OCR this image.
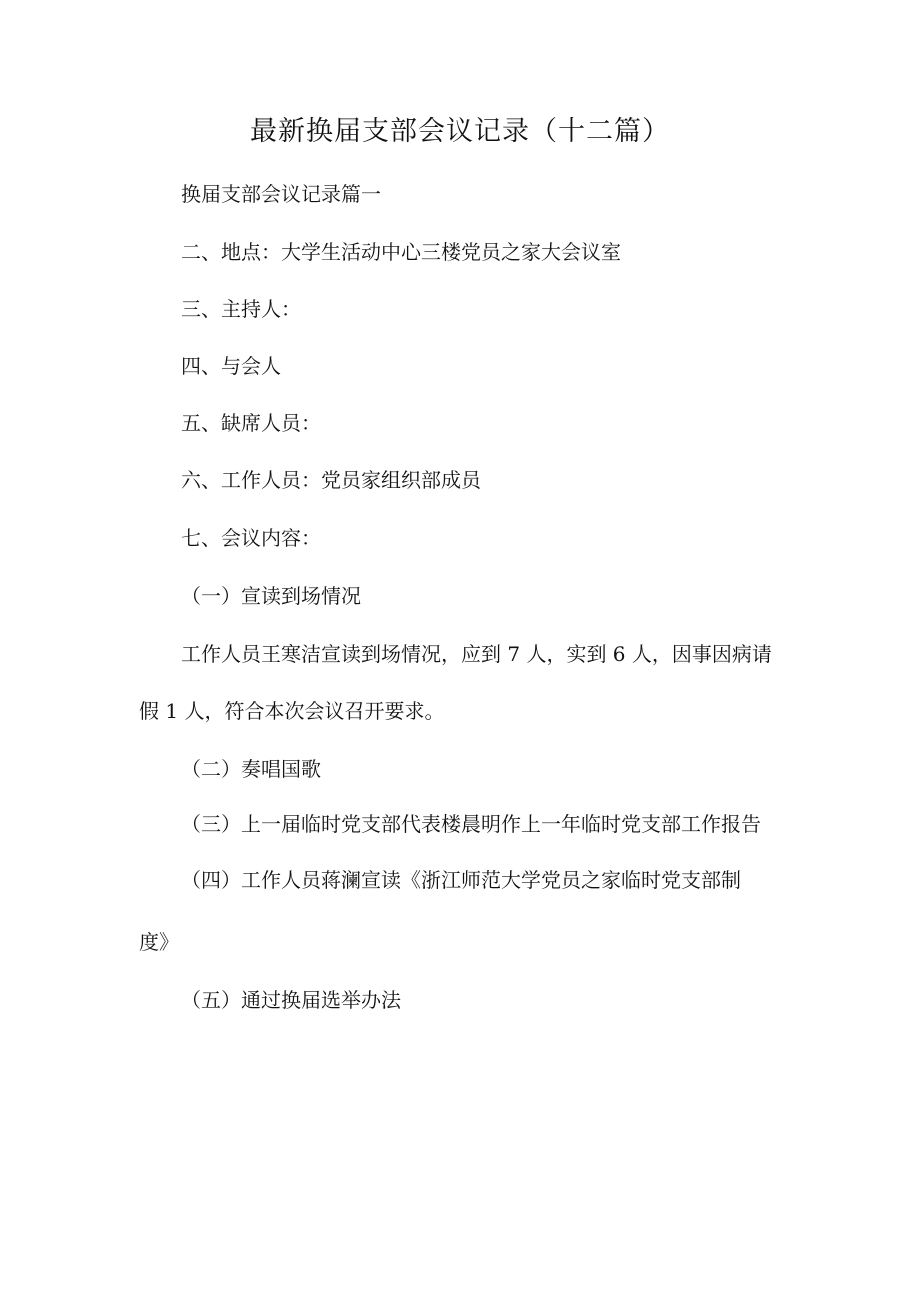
最新换届支部会议记录（十二篇）
换届支部会议记录篇一
二、地点：大学生活动中心三楼党员之家大会议室
三、主持人：
四、与会人
五、缺席人员：
六、工作人员：党员家组织部成员
七、会议内容：
（一）宣读到场情况
工作人员王寒洁宣读到场情况，应到 7 人，实到 6 人，因事因病请
假 1 人，符合本次会议召开要求。
（二）奏唱国歌
（三）上一届临时党支部代表楼晨明作上一年临时党支部工作报告
（四）工作人员蒋澜宣读《浙江师范大学党员之家临时党支部制
度》
（五）通过换届选举办法
